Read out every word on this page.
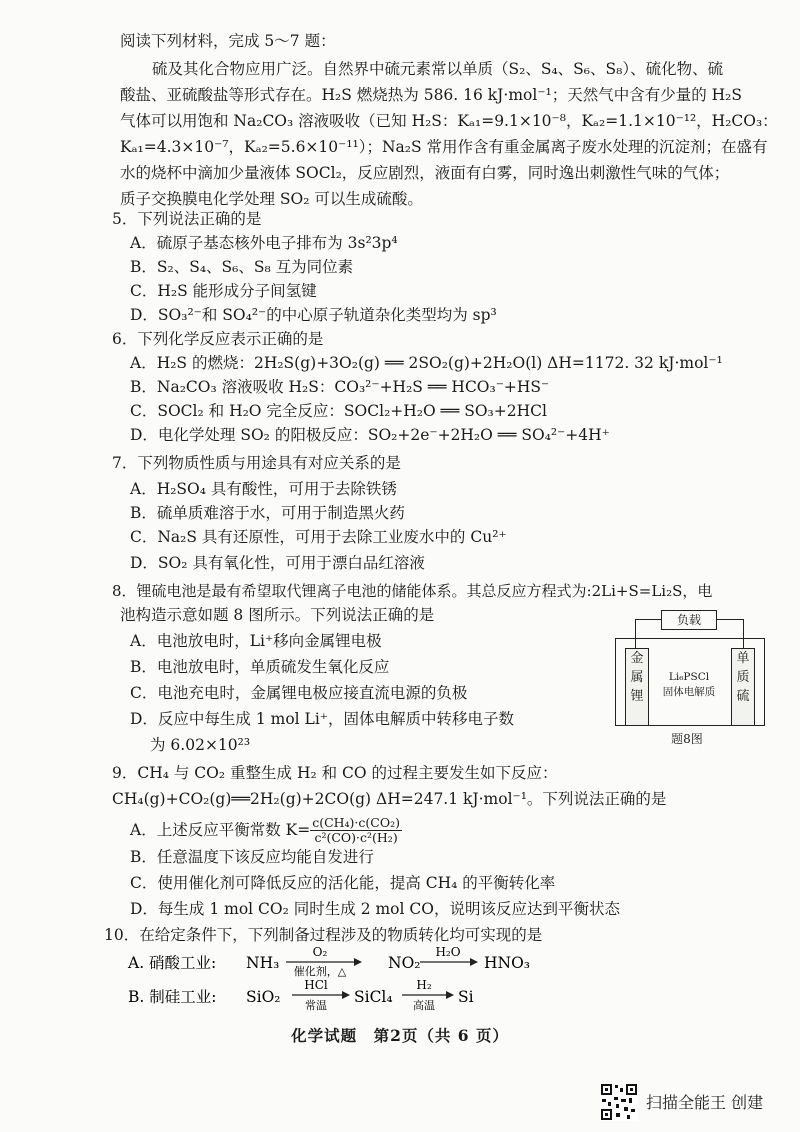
阅读下列材料，完成 5～7 题：
硫及其化合物应用广泛。自然界中硫元素常以单质（S₂、S₄、S₆、S₈）、硫化物、硫
酸盐、亚硫酸盐等形式存在。H₂S 燃烧热为 586. 16 kJ·mol⁻¹；天然气中含有少量的 H₂S
气体可以用饱和 Na₂CO₃ 溶液吸收（已知 H₂S：Kₐ₁=9.1×10⁻⁸，Kₐ₂=1.1×10⁻¹²，H₂CO₃：
Kₐ₁=4.3×10⁻⁷，Kₐ₂=5.6×10⁻¹¹）；Na₂S 常用作含有重金属离子废水处理的沉淀剂；在盛有
水的烧杯中滴加少量液体 SOCl₂，反应剧烈，液面有白雾，同时逸出刺激性气味的气体；
质子交换膜电化学处理 SO₂ 可以生成硫酸。
5．下列说法正确的是
A．硫原子基态核外电子排布为 3s²3p⁴
B．S₂、S₄、S₆、S₈ 互为同位素
C．H₂S 能形成分子间氢键
D．SO₃²⁻和 SO₄²⁻的中心原子轨道杂化类型均为 sp³
6．下列化学反应表示正确的是
A．H₂S 的燃烧：2H₂S(g)+3O₂(g) ══ 2SO₂(g)+2H₂O(l) ΔH=1172. 32 kJ·mol⁻¹
B．Na₂CO₃ 溶液吸收 H₂S：CO₃²⁻+H₂S ══ HCO₃⁻+HS⁻
C．SOCl₂ 和 H₂O 完全反应：SOCl₂+H₂O ══ SO₃+2HCl
D．电化学处理 SO₂ 的阳极反应：SO₂+2e⁻+2H₂O ══ SO₄²⁻+4H⁺
7．下列物质性质与用途具有对应关系的是
A．H₂SO₄ 具有酸性，可用于去除铁锈
B．硫单质难溶于水，可用于制造黑火药
C．Na₂S 具有还原性，可用于去除工业废水中的 Cu²⁺
D．SO₂ 具有氧化性，可用于漂白品红溶液
8．锂硫电池是最有希望取代锂离子电池的储能体系。其总反应方程式为:2Li+S=Li₂S，电
池构造示意如题 8 图所示。下列说法正确的是
A．电池放电时，Li⁺移向金属锂电极
B．电池放电时，单质硫发生氧化反应
C．电池充电时，金属锂电极应接直流电源的负极
D．反应中每生成 1 mol Li⁺，固体电解质中转移电子数
为 6.02×10²³
负载
金属锂
单质硫
Li₆PSCl
固体电解质
题8图
9．CH₄ 与 CO₂ 重整生成 H₂ 和 CO 的过程主要发生如下反应：
CH₄(g)+CO₂(g)══2H₂(g)+2CO(g) ΔH=247.1 kJ·mol⁻¹。下列说法正确的是
A．上述反应平衡常数 $K= \frac{\text{c(CH₄)·c(CO₂)}}{\text{c²(CO)·c²(H₂)}}$
B．任意温度下该反应均能自发进行
C．使用催化剂可降低反应的活化能，提高 CH₄ 的平衡转化率
D．每生成 1 mol CO₂ 同时生成 2 mol CO，说明该反应达到平衡状态
10．在给定条件下，下列制备过程涉及的物质转化均可实现的是
A. 硝酸工业: NH₃
O₂
催化剂，△	NO₂
H₂O
HNO₃
B. 制硅工业: SiO₂
HCl
常温 SiCl₄
H₂
高温 Si
化学试题　第2页（共 6 页）
扫描全能王 创建
